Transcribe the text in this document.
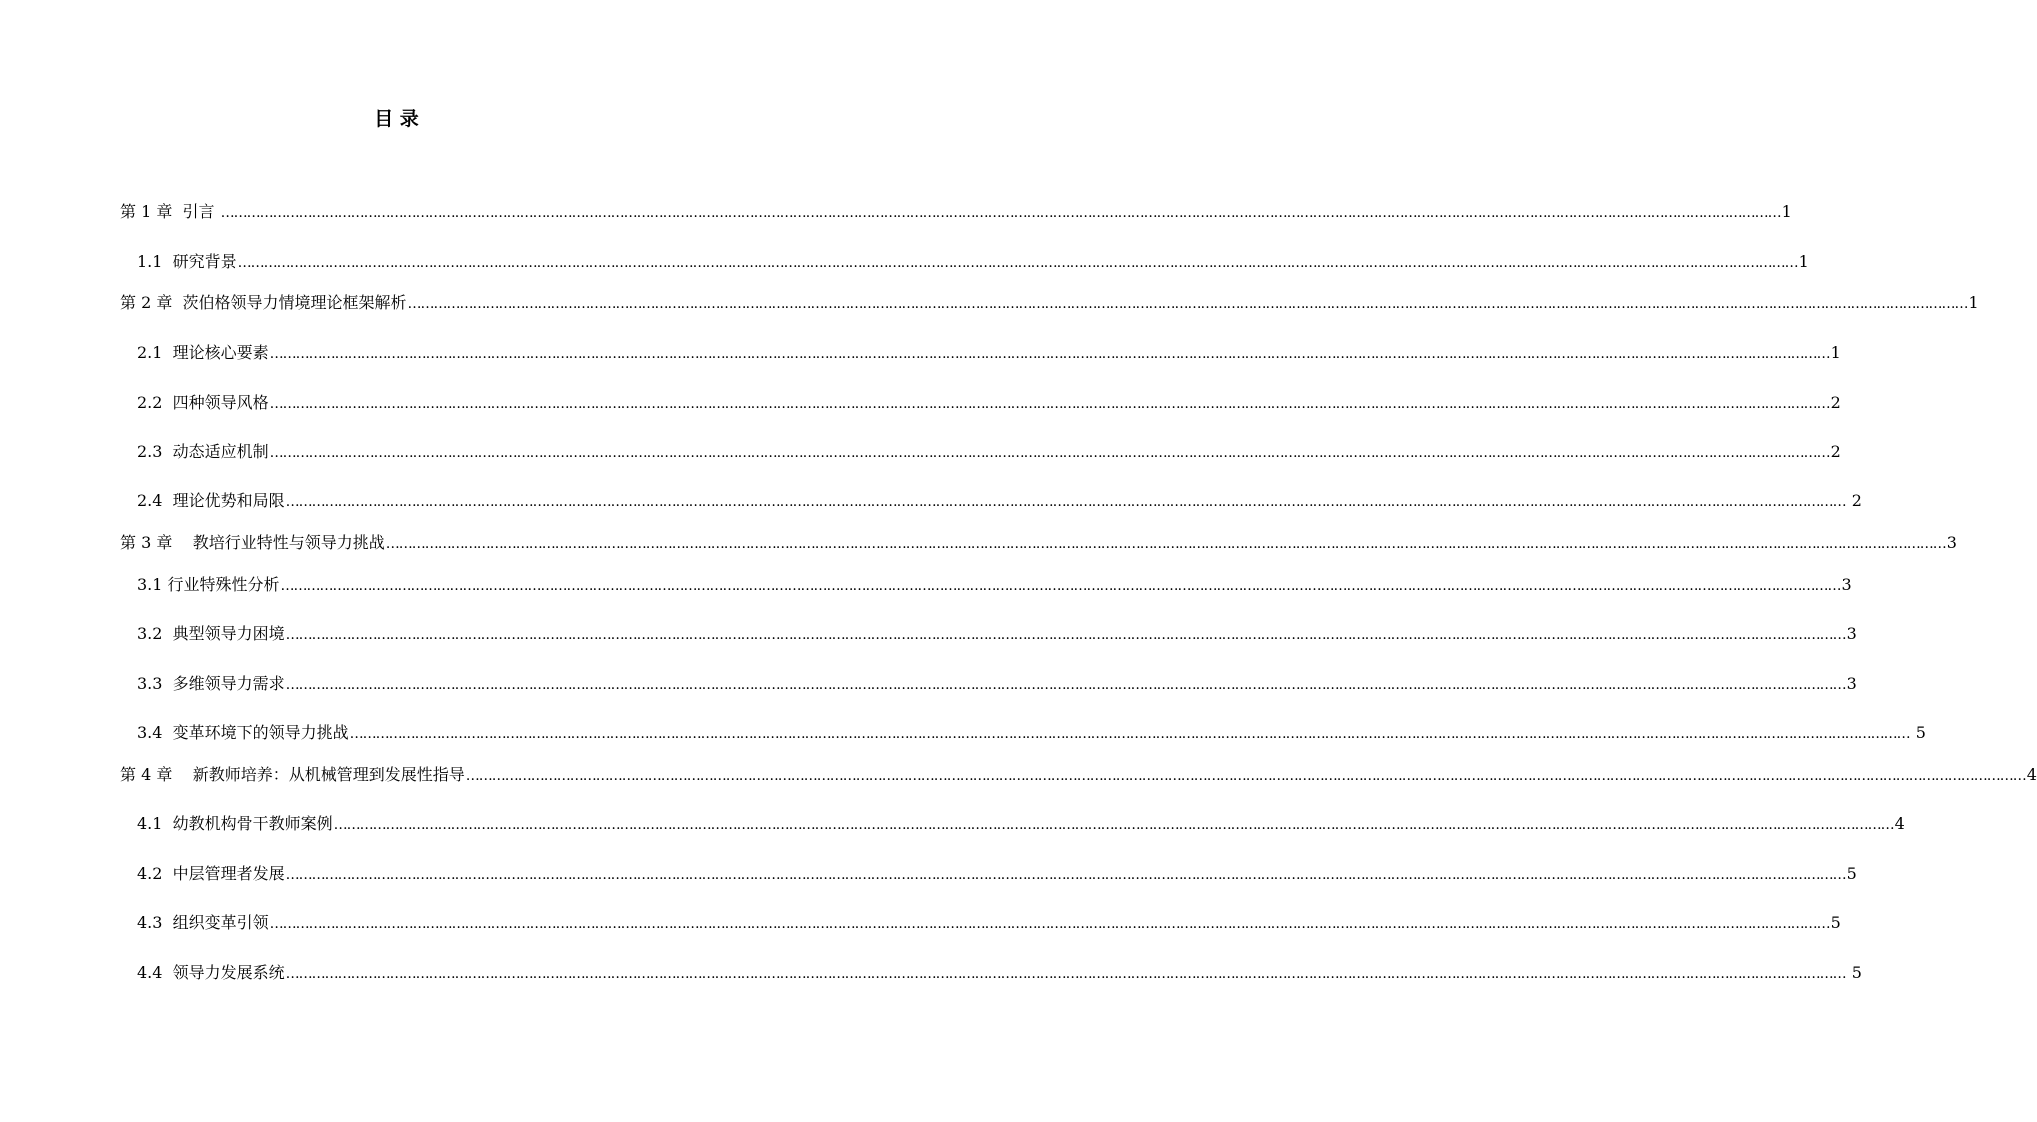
目 录
第 1 章  引言 ……………………………………………………………………………………………………………………………………………………………………………………………………………………………………………………………………………………………………………………………… 1
1.1  研究背景 ……………………………………………………………………………………………………………………………………………………………………………………………………………………………………………………………………………………………………………………………… 1
第 2 章  茨伯格领导力情境理论框架解析 ……………………………………………………………………………………………………………………………………………………………………………………………………………………………………………………………………………………………………………………………… 1
2.1  理论核心要素 ……………………………………………………………………………………………………………………………………………………………………………………………………………………………………………………………………………………………………………………………… 1
2.2  四种领导风格 ……………………………………………………………………………………………………………………………………………………………………………………………………………………………………………………………………………………………………………………………… 2
2.3  动态适应机制 ……………………………………………………………………………………………………………………………………………………………………………………………………………………………………………………………………………………………………………………………… 2
2.4  理论优势和局限 ……………………………………………………………………………………………………………………………………………………………………………………………………………………………………………………………………………………………………………………………… 2
第 3 章    教培行业特性与领导力挑战 ……………………………………………………………………………………………………………………………………………………………………………………………………………………………………………………………………………………………………………………………… 3
3.1 行业特殊性分析 ……………………………………………………………………………………………………………………………………………………………………………………………………………………………………………………………………………………………………………………………… 3
3.2  典型领导力困境 ……………………………………………………………………………………………………………………………………………………………………………………………………………………………………………………………………………………………………………………………… 3
3.3  多维领导力需求 ……………………………………………………………………………………………………………………………………………………………………………………………………………………………………………………………………………………………………………………………… 3
3.4  变革环境下的领导力挑战 ……………………………………………………………………………………………………………………………………………………………………………………………………………………………………………………………………………………………………………………………… 5
第 4 章    新教师培养：从机械管理到发展性指导 ……………………………………………………………………………………………………………………………………………………………………………………………………………………………………………………………………………………………………………………………… 4
4.1  幼教机构骨干教师案例 ……………………………………………………………………………………………………………………………………………………………………………………………………………………………………………………………………………………………………………………………… 4
4.2  中层管理者发展 ……………………………………………………………………………………………………………………………………………………………………………………………………………………………………………………………………………………………………………………………… 5
4.3  组织变革引领 ……………………………………………………………………………………………………………………………………………………………………………………………………………………………………………………………………………………………………………………………… 5
4.4  领导力发展系统 ……………………………………………………………………………………………………………………………………………………………………………………………………………………………………………………………………………………………………………………………… 5
